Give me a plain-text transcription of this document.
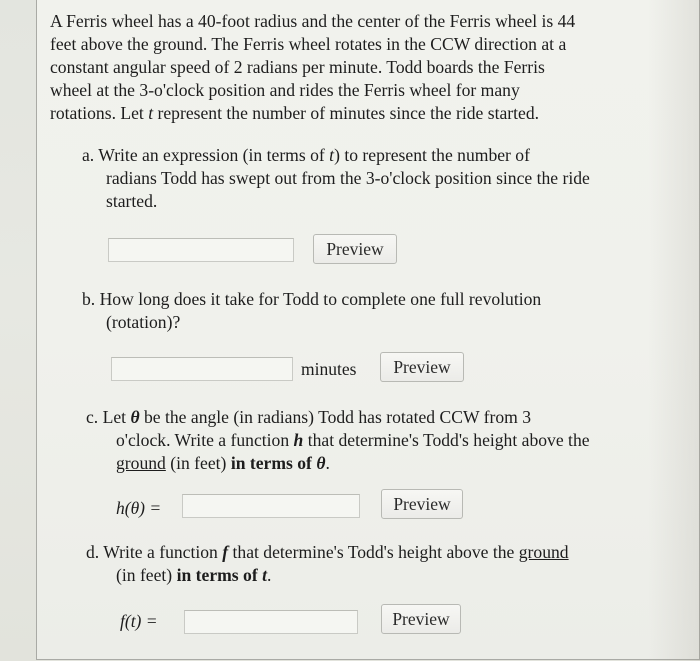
A Ferris wheel has a 40-foot radius and the center of the Ferris wheel is 44
feet above the ground. The Ferris wheel rotates in the CCW direction at a
constant angular speed of 2 radians per minute. Todd boards the Ferris
wheel at the 3-o'clock position and rides the Ferris wheel for many
rotations. Let t represent the number of minutes since the ride started.

a. Write an expression (in terms of t) to represent the number of
radians Todd has swept out from the 3-o'clock position since the ride
started.

Preview

b. How long does it take for Todd to complete one full revolution
(rotation)?

minutes	Preview

c. Let θ be the angle (in radians) Todd has rotated CCW from 3
o'clock. Write a function h that determine's Todd's height above the
ground (in feet) in terms of θ.

h(θ) =	Preview

d. Write a function f that determine's Todd's height above the ground
(in feet) in terms of t.

f(t) =	Preview
